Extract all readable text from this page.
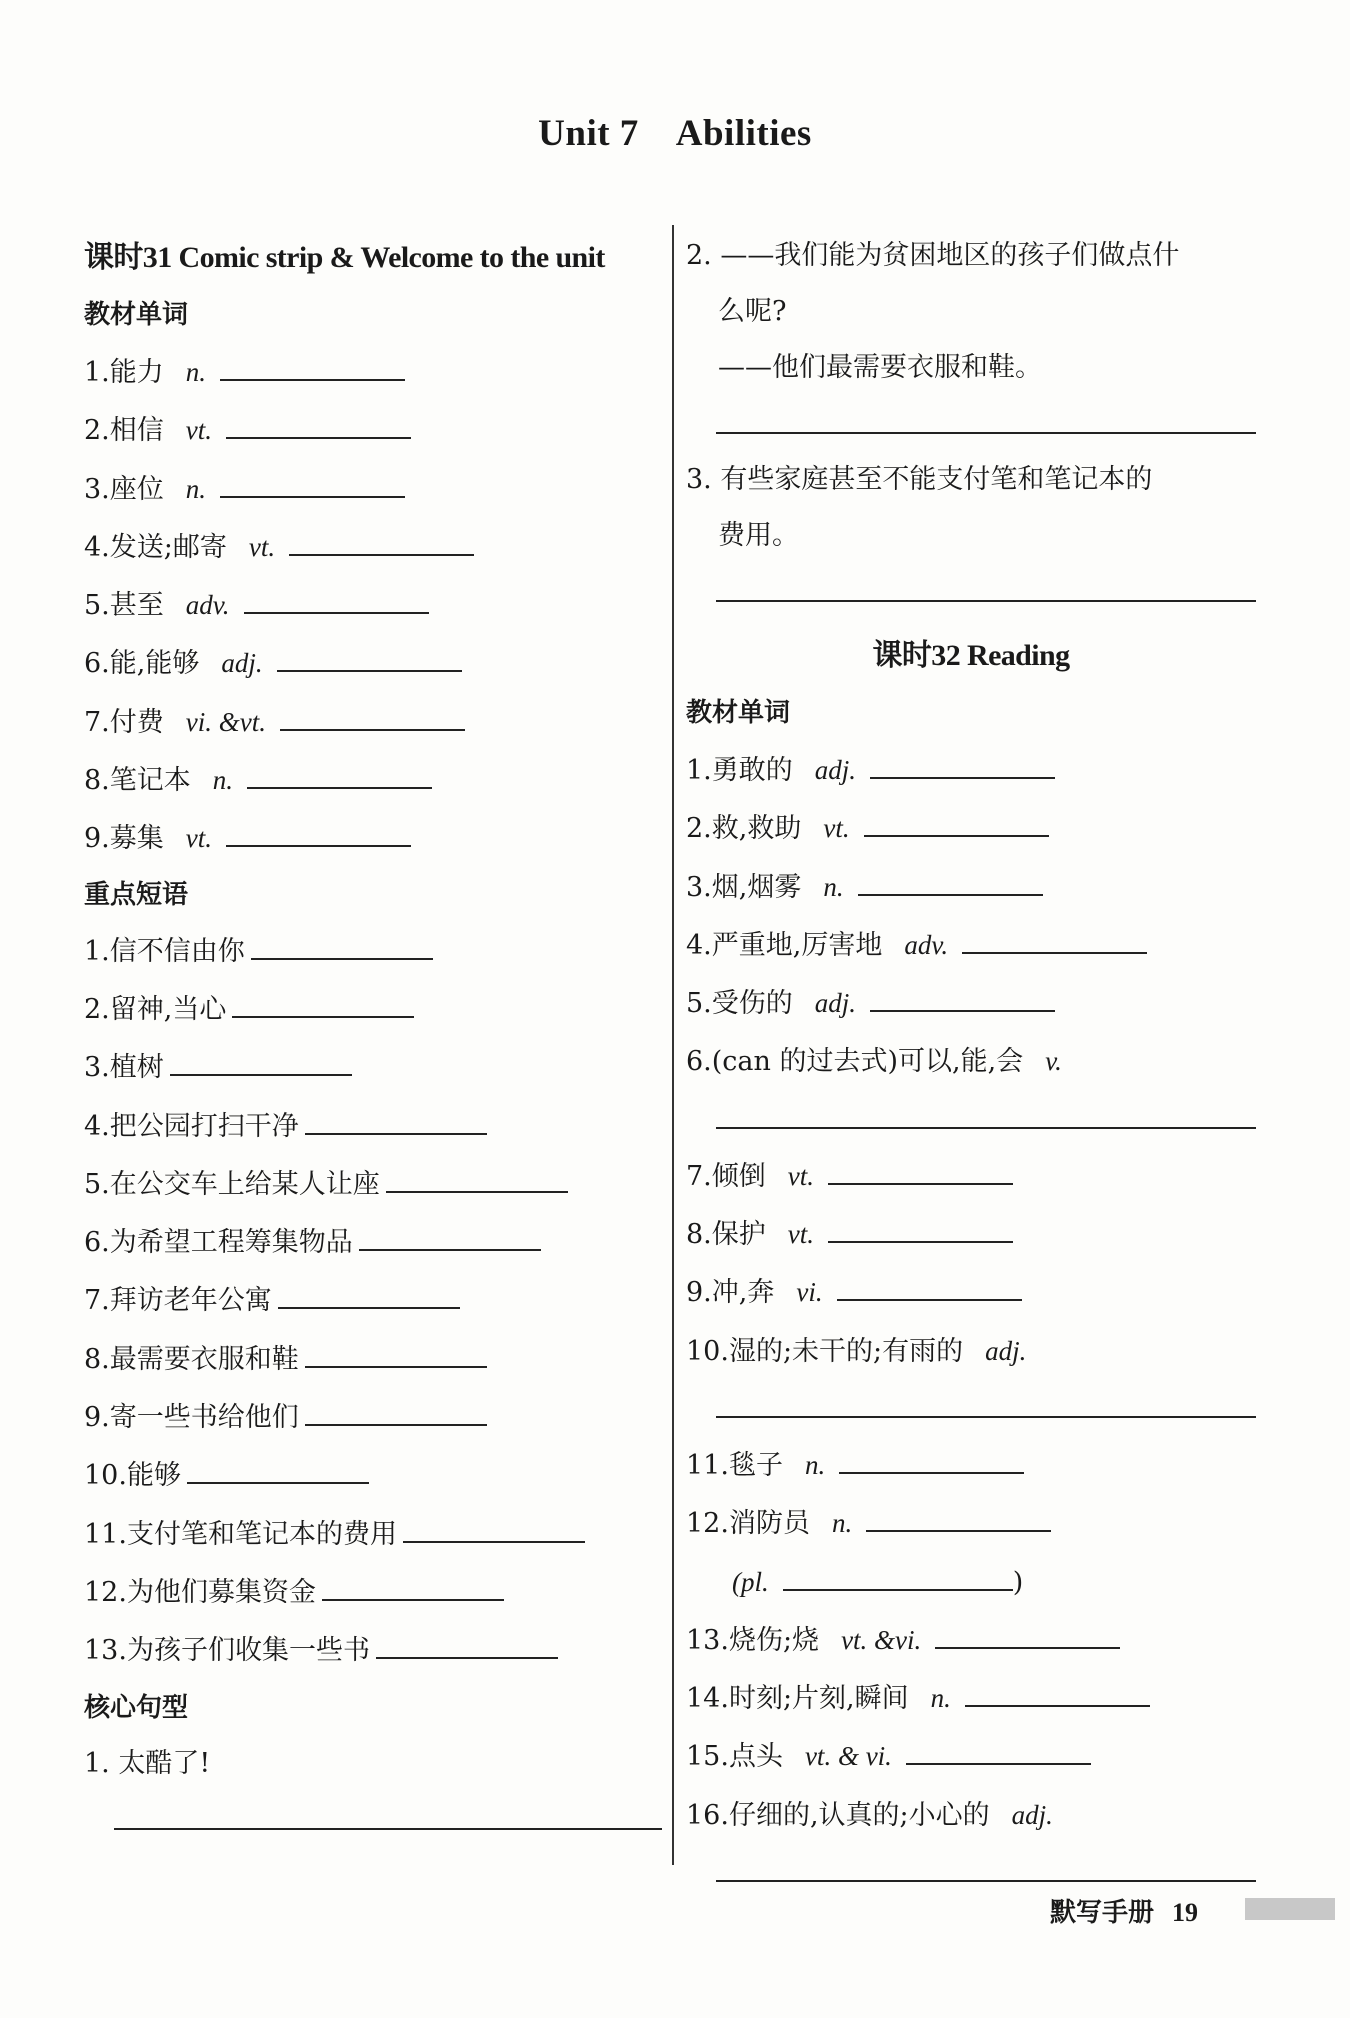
Unit 7    Abilities
课时31 Comic strip & Welcome to the unit
教材单词
1. 能力 n.
2. 相信 vt.
3. 座位 n.
4. 发送;邮寄 vt.
5. 甚至 adv.
6. 能,能够 adj.
7. 付费 vi. &vt.
8. 笔记本 n.
9. 募集 vt.
重点短语
1. 信不信由你
2. 留神,当心
3. 植树
4. 把公园打扫干净
5. 在公交车上给某人让座
6. 为希望工程筹集物品
7. 拜访老年公寓
8. 最需要衣服和鞋
9. 寄一些书给他们
10. 能够
11. 支付笔和笔记本的费用
12. 为他们募集资金
13. 为孩子们收集一些书
核心句型
1. 太酷了!
2. ——我们能为贫困地区的孩子们做点什
么呢?
——他们最需要衣服和鞋。
3. 有些家庭甚至不能支付笔和笔记本的
费用。
课时32 Reading
教材单词
1. 勇敢的 adj.
2. 救,救助 vt.
3. 烟,烟雾 n.
4. 严重地,厉害地 adv.
5. 受伤的 adj.
6. (can 的过去式)可以,能,会 v.
7. 倾倒 vt.
8. 保护 vt.
9. 冲,奔 vi.
10. 湿的;未干的;有雨的 adj.
11. 毯子 n.
12. 消防员 n.
(pl.	)
13. 烧伤;烧 vt. &vi.
14. 时刻;片刻,瞬间 n.
15. 点头 vt. & vi.
16. 仔细的,认真的;小心的 adj.
默写手册 19
